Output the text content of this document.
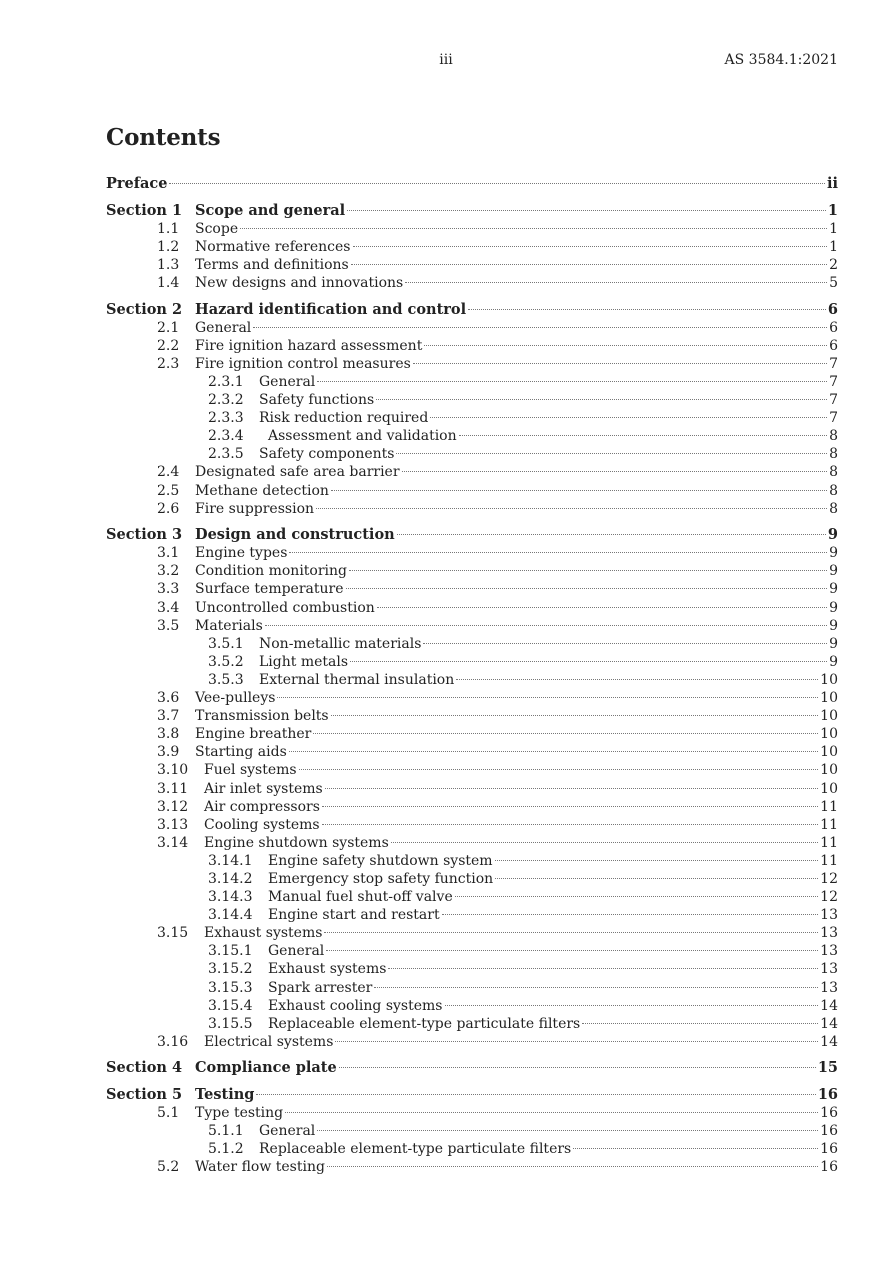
iii	AS 3584.1:2021
Contents
Preface	ii
Section 1 Scope and general	1
1.1	Scope	1
1.2	Normative references	1
1.3	Terms and definitions	2
1.4	New designs and innovations	5
Section 2 Hazard identification and control	6
2.1	General	6
2.2	Fire ignition hazard assessment	6
2.3	Fire ignition control measures	7
2.3.1	General	7
2.3.2	Safety functions	7
2.3.3	Risk reduction required	7
2.3.4	Assessment and validation	8
2.3.5	Safety components	8
2.4	Designated safe area barrier	8
2.5	Methane detection	8
2.6	Fire suppression	8
Section 3 Design and construction	9
3.1	Engine types	9
3.2	Condition monitoring	9
3.3	Surface temperature	9
3.4	Uncontrolled combustion	9
3.5	Materials	9
3.5.1	Non-metallic materials	9
3.5.2	Light metals	9
3.5.3	External thermal insulation	10
3.6	Vee-pulleys	10
3.7	Transmission belts	10
3.8	Engine breather	10
3.9	Starting aids	10
3.10	Fuel systems	10
3.11	Air inlet systems	10
3.12	Air compressors	11
3.13	Cooling systems	11
3.14	Engine shutdown systems	11
3.14.1	Engine safety shutdown system	11
3.14.2	Emergency stop safety function	12
3.14.3	Manual fuel shut-off valve	12
3.14.4	Engine start and restart	13
3.15	Exhaust systems	13
3.15.1	General	13
3.15.2	Exhaust systems	13
3.15.3	Spark arrester	13
3.15.4	Exhaust cooling systems	14
3.15.5	Replaceable element-type particulate filters	14
3.16	Electrical systems	14
Section 4 Compliance plate	15
Section 5 Testing	16
5.1	Type testing	16
5.1.1	General	16
5.1.2	Replaceable element-type particulate filters	16
5.2	Water flow testing	16
